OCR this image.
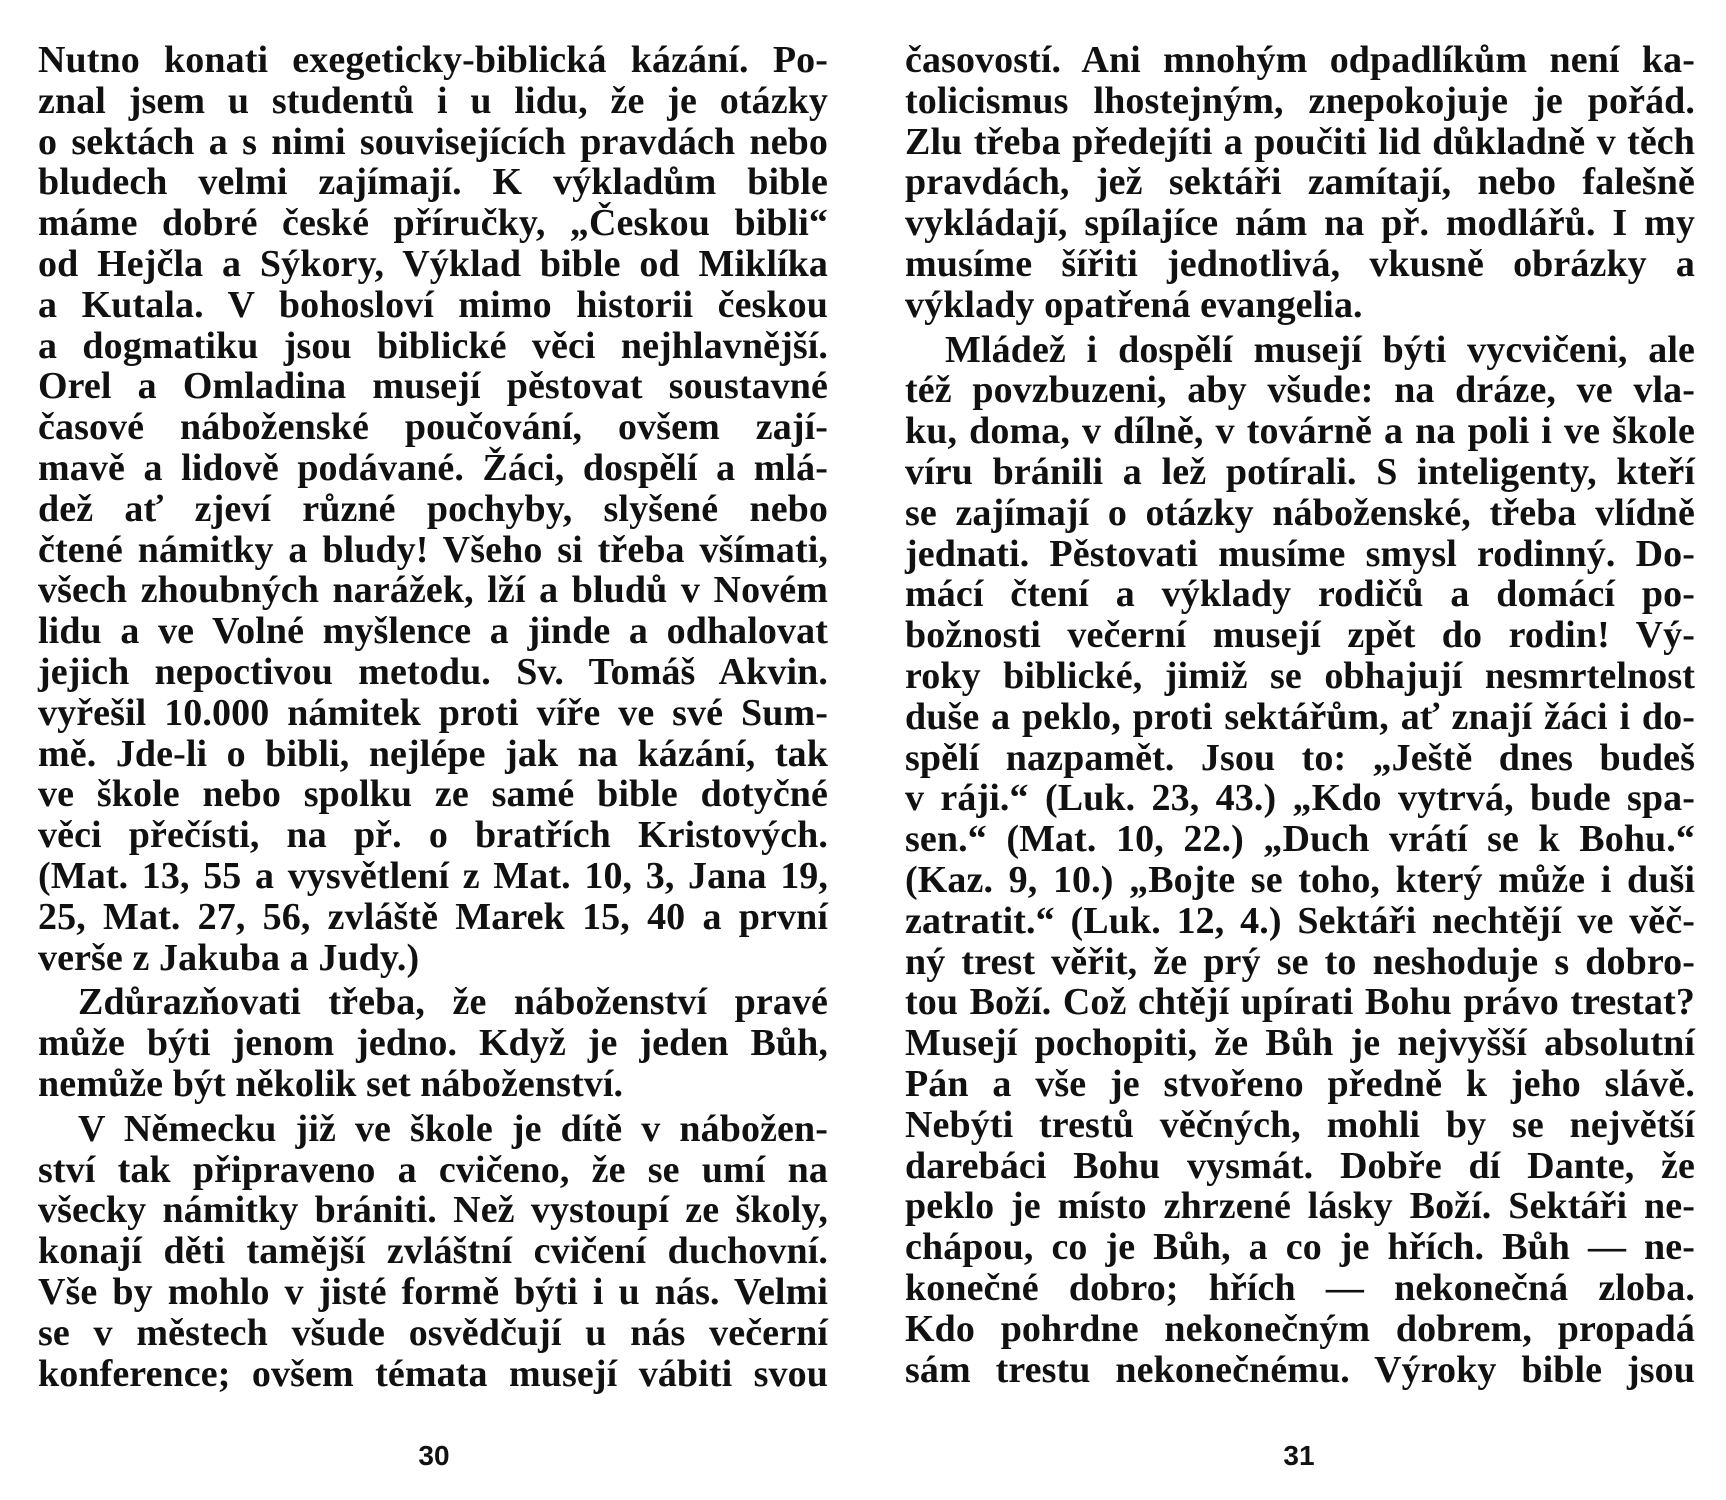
Nutno konati exegeticky-biblická kázání. Po-
znal jsem u studentů i u lidu, že je otázky
o sektách a s nimi souvisejících pravdách nebo
bludech velmi zajímají. K výkladům bible
máme dobré české příručky, „Českou bibli“
od Hejčla a Sýkory, Výklad bible od Miklíka
a Kutala. V bohosloví mimo historii českou
a dogmatiku jsou biblické věci nejhlavnější.
Orel a Omladina musejí pěstovat soustavné
časové náboženské poučování, ovšem zají-
mavě a lidově podávané. Žáci, dospělí a mlá-
dež ať zjeví různé pochyby, slyšené nebo
čtené námitky a bludy! Všeho si třeba všímati,
všech zhoubných narážek, lží a bludů v Novém
lidu a ve Volné myšlence a jinde a odhalovat
jejich nepoctivou metodu. Sv. Tomáš Akvin.
vyřešil 10.000 námitek proti víře ve své Sum-
mě. Jde-li o bibli, nejlépe jak na kázání, tak
ve škole nebo spolku ze samé bible dotyčné
věci přečísti, na př. o bratřích Kristových.
(Mat. 13, 55 a vysvětlení z Mat. 10, 3, Jana 19,
25, Mat. 27, 56, zvláště Marek 15, 40 a první
verše z Jakuba a Judy.)
Zdůrazňovati třeba, že náboženství pravé
může býti jenom jedno. Když je jeden Bůh,
nemůže být několik set náboženství.
V Německu již ve škole je dítě v nábožen-
ství tak připraveno a cvičeno, že se umí na
všecky námitky brániti. Než vystoupí ze školy,
konají děti tamější zvláštní cvičení duchovní.
Vše by mohlo v jisté formě býti i u nás. Velmi
se v městech všude osvědčují u nás večerní
konference; ovšem témata musejí vábiti svou
časovostí. Ani mnohým odpadlíkům není ka-
tolicismus lhostejným, znepokojuje je pořád.
Zlu třeba předejíti a poučiti lid důkladně v těch
pravdách, jež sektáři zamítají, nebo falešně
vykládají, spílajíce nám na př. modlářů. I my
musíme šířiti jednotlivá, vkusně obrázky a
výklady opatřená evangelia.
Mládež i dospělí musejí býti vycvičeni, ale
též povzbuzeni, aby všude: na dráze, ve vla-
ku, doma, v dílně, v továrně a na poli i ve škole
víru bránili a lež potírali. S inteligenty, kteří
se zajímají o otázky náboženské, třeba vlídně
jednati. Pěstovati musíme smysl rodinný. Do-
mácí čtení a výklady rodičů a domácí po-
božnosti večerní musejí zpět do rodin! Vý-
roky biblické, jimiž se obhajují nesmrtelnost
duše a peklo, proti sektářům, ať znají žáci i do-
spělí nazpamět. Jsou to: „Ještě dnes budeš
v ráji.“ (Luk. 23, 43.) „Kdo vytrvá, bude spa-
sen.“ (Mat. 10, 22.) „Duch vrátí se k Bohu.“
(Kaz. 9, 10.) „Bojte se toho, který může i duši
zatratit.“ (Luk. 12, 4.) Sektáři nechtějí ve věč-
ný trest věřit, že prý se to neshoduje s dobro-
tou Boží. Což chtějí upírati Bohu právo trestat?
Musejí pochopiti, že Bůh je nejvyšší absolutní
Pán a vše je stvořeno předně k jeho slávě.
Nebýti trestů věčných, mohli by se největší
darebáci Bohu vysmát. Dobře dí Dante, že
peklo je místo zhrzené lásky Boží. Sektáři ne-
chápou, co je Bůh, a co je hřích. Bůh — ne-
konečné dobro; hřích — nekonečná zloba.
Kdo pohrdne nekonečným dobrem, propadá
sám trestu nekonečnému. Výroky bible jsou
30	31
